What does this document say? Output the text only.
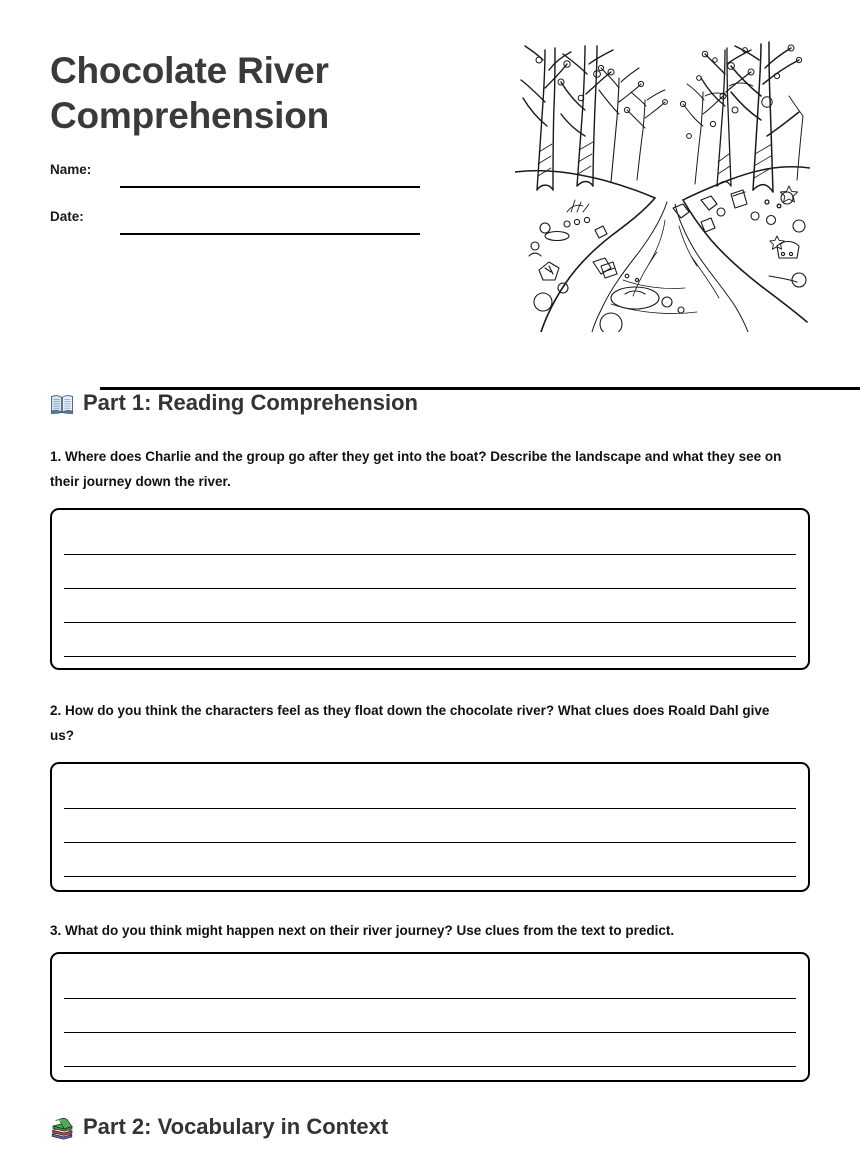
Chocolate River Comprehension
Name:
Date:
Part 1: Reading Comprehension
1. Where does Charlie and the group go after they get into the boat? Describe the landscape and what they see on their journey down the river.
2. How do you think the characters feel as they float down the chocolate river? What clues does Roald Dahl give us?
3. What do you think might happen next on their river journey? Use clues from the text to predict.
Part 2: Vocabulary in Context
